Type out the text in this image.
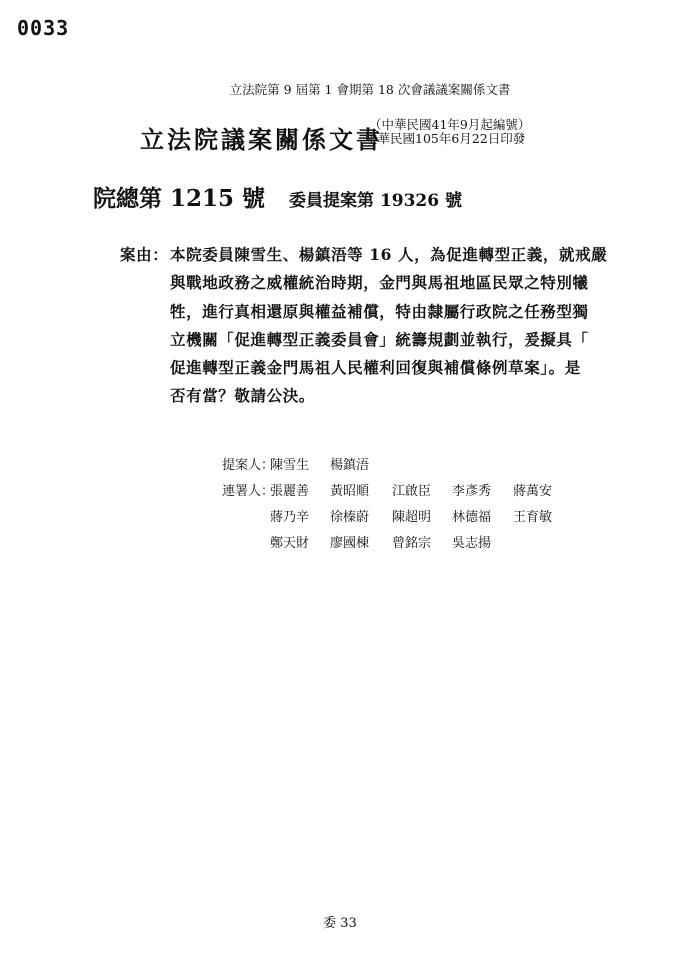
0033
立法院第 9 屆第 1 會期第 18 次會議議案關係文書
立法院議案關係文書
（中華民國41年9月起編號）
中華民國105年6月22日印發
院總第 1215 號 委員提案第 19326 號
案由： 本院委員陳雪生、楊鎮浯等 16 人，為促進轉型正義，就戒嚴
與戰地政務之威權統治時期，金門與馬祖地區民眾之特別犧
牲，進行真相還原與權益補償，特由隸屬行政院之任務型獨
立機關「促進轉型正義委員會」統籌規劃並執行，爰擬具「
促進轉型正義金門馬祖人民權利回復與補償條例草案」。是
否有當？敬請公決。
提案人：
陳雪生 楊鎮浯
連署人：
張麗善 黃昭順 江啟臣 李彥秀 蔣萬安
蔣乃辛 徐榛蔚 陳超明 林德福 王育敏
鄭天財 廖國棟 曾銘宗 吳志揚
委 33
